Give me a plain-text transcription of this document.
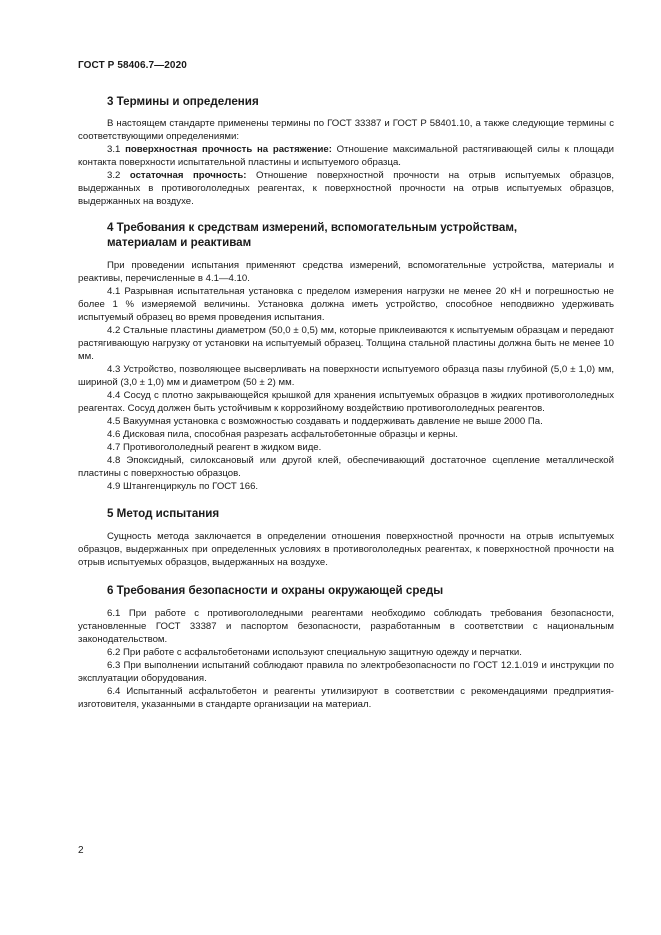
ГОСТ Р 58406.7—2020
3 Термины и определения

В настоящем стандарте применены термины по ГОСТ 33387 и ГОСТ Р 58401.10, а также следующие термины с соответствующими определениями:

3.1 поверхностная прочность на растяжение: Отношение максимальной растягивающей силы к площади контакта поверхности испытательной пластины и испытуемого образца.

3.2 остаточная прочность: Отношение поверхностной прочности на отрыв испытуемых образцов, выдержанных в противогололедных реагентах, к поверхностной прочности на отрыв испытуемых образцов, выдержанных на воздухе.

4 Требования к средствам измерений, вспомогательным устройствам,
материалам и реактивам

При проведении испытания применяют средства измерений, вспомогательные устройства, материалы и реактивы, перечисленные в 4.1—4.10.

4.1 Разрывная испытательная установка с пределом измерения нагрузки не менее 20 кН и погрешностью не более 1 % измеряемой величины. Установка должна иметь устройство, способное неподвижно удерживать испытуемый образец во время проведения испытания.

4.2 Стальные пластины диаметром (50,0 ± 0,5) мм, которые приклеиваются к испытуемым образцам и передают растягивающую нагрузку от установки на испытуемый образец. Толщина стальной пластины должна быть не менее 10 мм.

4.3 Устройство, позволяющее высверливать на поверхности испытуемого образца пазы глубиной (5,0 ± 1,0) мм, шириной (3,0 ± 1,0) мм и диаметром (50 ± 2) мм.

4.4 Сосуд с плотно закрывающейся крышкой для хранения испытуемых образцов в жидких противогололедных реагентах. Сосуд должен быть устойчивым к коррозийному воздействию противогололедных реагентов.

4.5 Вакуумная установка с возможностью создавать и поддерживать давление не выше 2000 Па.

4.6 Дисковая пила, способная разрезать асфальтобетонные образцы и керны.

4.7 Противогололедный реагент в жидком виде.

4.8 Эпоксидный, силоксановый или другой клей, обеспечивающий достаточное сцепление металлической пластины с поверхностью образцов.

4.9 Штангенциркуль по ГОСТ 166.

5 Метод испытания

Сущность метода заключается в определении отношения поверхностной прочности на отрыв испытуемых образцов, выдержанных при определенных условиях в противогололедных реагентах, к поверхностной прочности на отрыв испытуемых образцов, выдержанных на воздухе.

6 Требования безопасности и охраны окружающей среды

6.1 При работе с противогололедными реагентами необходимо соблюдать требования безопасности, установленные ГОСТ 33387 и паспортом безопасности, разработанным в соответствии с национальным законодательством.

6.2 При работе с асфальтобетонами используют специальную защитную одежду и перчатки.

6.3 При выполнении испытаний соблюдают правила по электробезопасности по ГОСТ 12.1.019 и инструкции по эксплуатации оборудования.

6.4 Испытанный асфальтобетон и реагенты утилизируют в соответствии с рекомендациями предприятия-изготовителя, указанными в стандарте организации на материал.

2
